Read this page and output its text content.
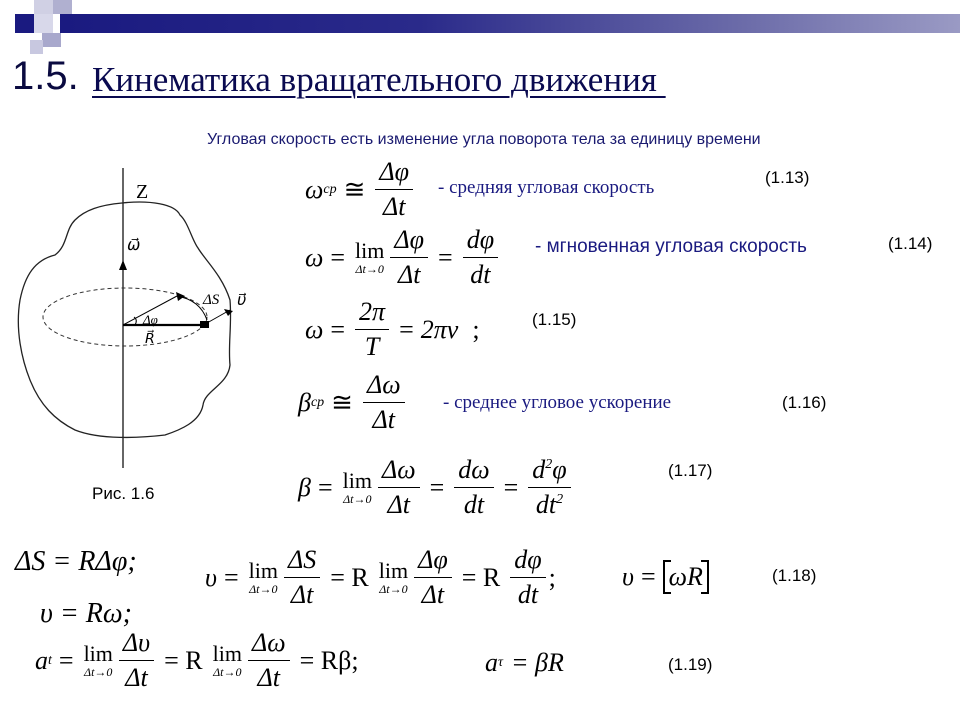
1.5. Кинематика вращательного движения
Угловая скорость есть изменение угла поворота тела за единицу времени
Z
ω⃗
ΔS υ⃗
Δφ
R⃗
Рис. 1.6
ω ср ≅
Δφ
Δt
- средняя угловая скорость	(1.13)
ω = lim
$\Delta t\to 0 \frac{\Delta\varphi}{\Delta t} = \frac{d\varphi}{dt}$ - мгновенная угловая скорость	(1.14)
$\omega = \frac{2\pi}{T} = 2\pi\nu$ ;	(1.15)
β ср ≅
Δω
Δt
- среднее угловое ускорение	(1.16)
β = lim
$\Delta t\to 0 \frac{\Delta\omega}{\Delta t} = \frac{d\omega}{dt} = \frac{d^2\varphi}{dt^2}$	(1.17)
ΔS = RΔφ;
υ = Rω;
υ = lim
$\Delta t\to 0 \frac{\Delta S}{\Delta t} = R$ lim
$\Delta t\to 0 \frac{\Delta\varphi}{\Delta t} = R$
dφ
dt
;	υ = ωR	(1.18)
a t = lim
$\Delta t\to 0 \frac{\Delta\upsilon}{\Delta t} = R$ lim
$\Delta t\to 0 \frac{\Delta\omega}{\Delta t} = R\beta$;	a τ = βR	(1.19)
